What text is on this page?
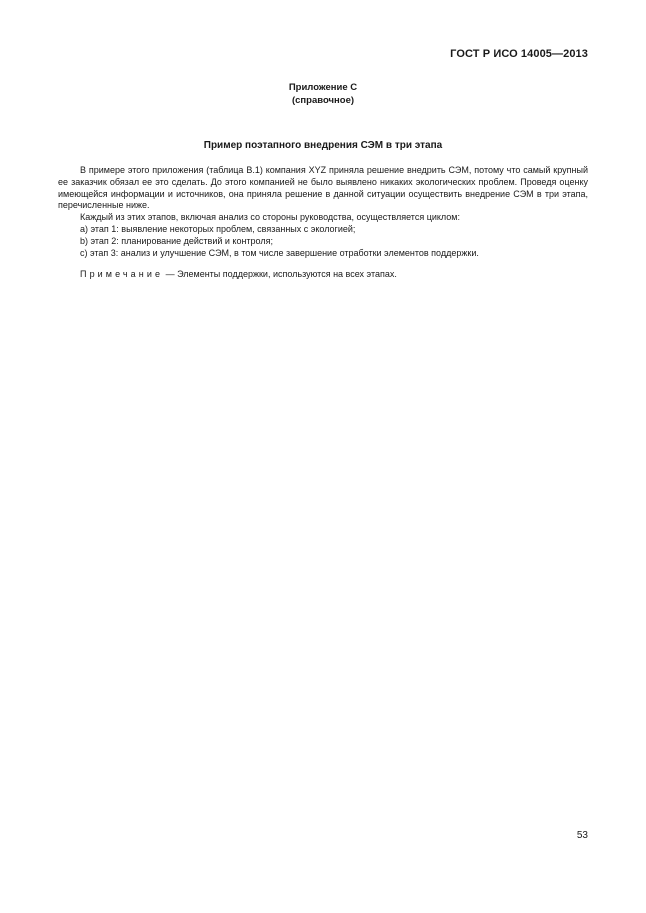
ГОСТ Р ИСО 14005—2013
Приложение С
(справочное)
Пример поэтапного внедрения СЭМ в три этапа

В примере этого приложения (таблица В.1) компания XYZ приняла решение внедрить СЭМ, потому что самый крупный ее заказчик обязал ее это сделать. До этого компанией не было выявлено никаких экологических проблем. Проведя оценку имеющейся информации и источников, она приняла решение в данной ситуации осуществить внедрение СЭМ в три этапа, перечисленные ниже.

Каждый из этих этапов, включая анализ со стороны руководства, осуществляется циклом:

а) этап 1: выявление некоторых проблем, связанных с экологией;

b) этап 2: планирование действий и контроля;

с) этап 3: анализ и улучшение СЭМ, в том числе завершение отработки элементов поддержки.

Примечание — Элементы поддержки, используются на всех этапах.

53
